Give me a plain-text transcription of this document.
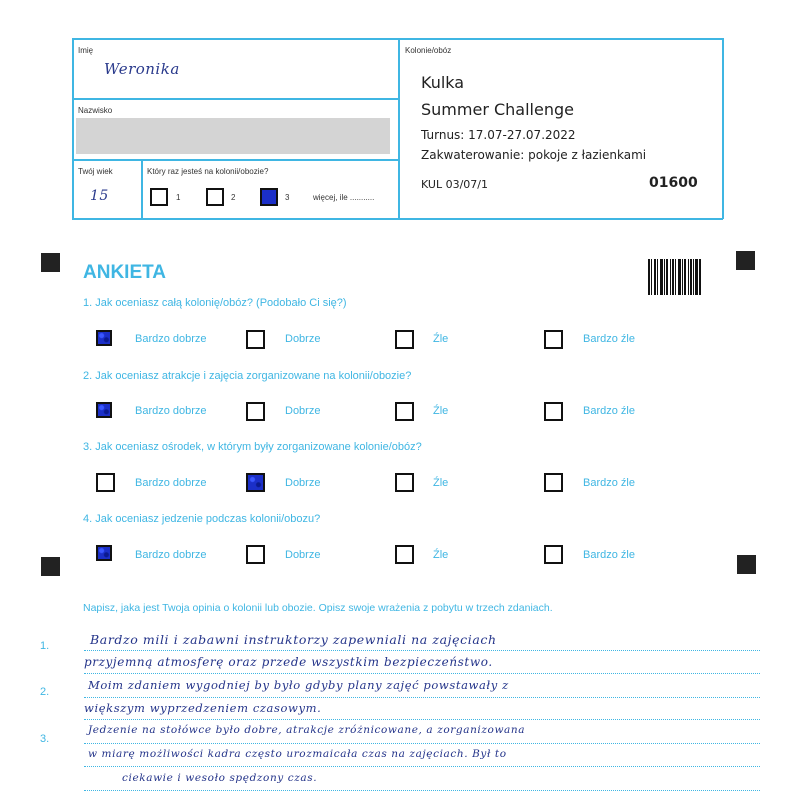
Imię
Weronika
Nazwisko
Twój wiek
15
Który raz jesteś na kolonii/obozie?
1	2	3	więcej, ile ...........
Kolonie/obóz
Kulka
Summer Challenge
Turnus: 17.07-27.07.2022
Zakwaterowanie: pokoje z łazienkami
KUL 03/07/1	01600
ANKIETA
1. Jak oceniasz całą kolonię/obóz? (Podobało Ci się?)
Bardzo dobrze	Dobrze	Źle	Bardzo źle
2. Jak oceniasz atrakcje i zajęcia zorganizowane na kolonii/obozie?
Bardzo dobrze	Dobrze	Źle	Bardzo źle
3. Jak oceniasz ośrodek, w którym były zorganizowane kolonie/obóz?
Bardzo dobrze	Dobrze	Źle	Bardzo źle
4. Jak oceniasz jedzenie podczas kolonii/obozu?
Bardzo dobrze	Dobrze	Źle	Bardzo źle
Napisz, jaka jest Twoja opinia o kolonii lub obozie. Opisz swoje wrażenia z pobytu w trzech zdaniach.
1.
2.
3.
Bardzo mili i zabawni instruktorzy zapewniali na zajęciach
przyjemną atmosferę oraz przede wszystkim bezpieczeństwo.
Moim zdaniem wygodniej by było gdyby plany zajęć powstawały z
większym wyprzedzeniem czasowym.
Jedzenie na stołówce było dobre, atrakcje zróżnicowane, a zorganizowana
w miarę możliwości kadra często urozmaicała czas na zajęciach. Był to
ciekawie i wesoło spędzony czas.
